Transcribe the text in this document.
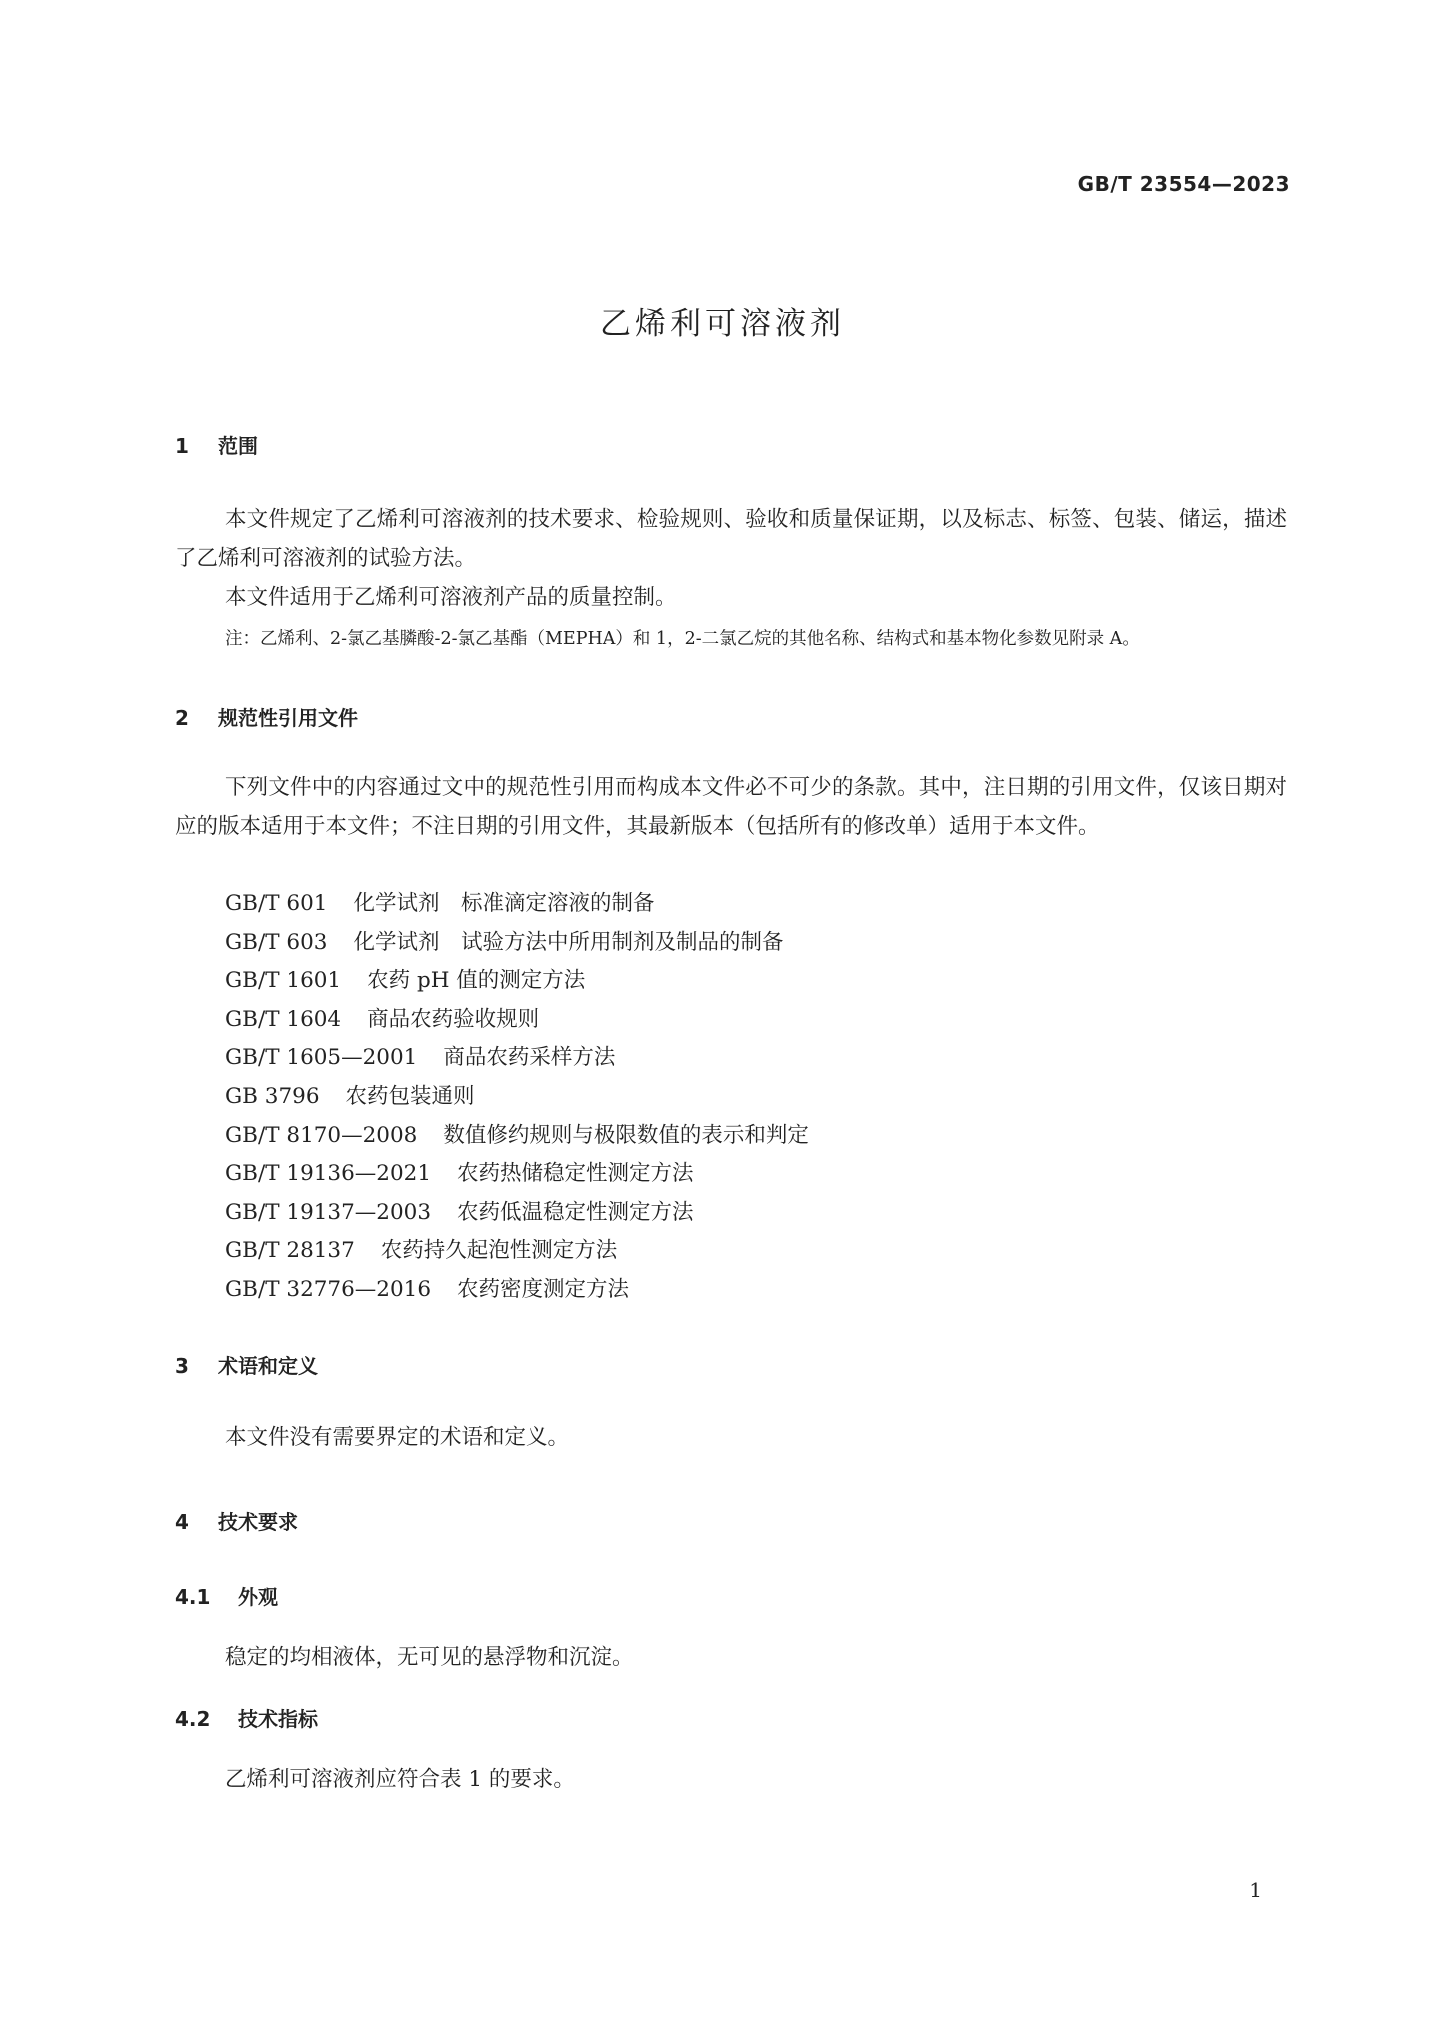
GB/T 23554—2023
乙烯利可溶液剂
1 范围
本文件规定了乙烯利可溶液剂的技术要求、检验规则、验收和质量保证期，以及标志、标签、包装、储运，描述了乙烯利可溶液剂的试验方法。
本文件适用于乙烯利可溶液剂产品的质量控制。
注：乙烯利、2-氯乙基膦酸-2-氯乙基酯（MEPHA）和 1，2-二氯乙烷的其他名称、结构式和基本物化参数见附录 A。
2 规范性引用文件
下列文件中的内容通过文中的规范性引用而构成本文件必不可少的条款。其中，注日期的引用文件，仅该日期对应的版本适用于本文件；不注日期的引用文件，其最新版本（包括所有的修改单）适用于本文件。
GB/T 601 化学试剂　标准滴定溶液的制备
GB/T 603 化学试剂　试验方法中所用制剂及制品的制备
GB/T 1601 农药 pH 值的测定方法
GB/T 1604 商品农药验收规则
GB/T 1605—2001 商品农药采样方法
GB 3796 农药包装通则
GB/T 8170—2008 数值修约规则与极限数值的表示和判定
GB/T 19136—2021 农药热储稳定性测定方法
GB/T 19137—2003 农药低温稳定性测定方法
GB/T 28137 农药持久起泡性测定方法
GB/T 32776—2016 农药密度测定方法
3 术语和定义
本文件没有需要界定的术语和定义。
4 技术要求
4.1 外观
稳定的均相液体，无可见的悬浮物和沉淀。
4.2 技术指标
乙烯利可溶液剂应符合表 1 的要求。
1
